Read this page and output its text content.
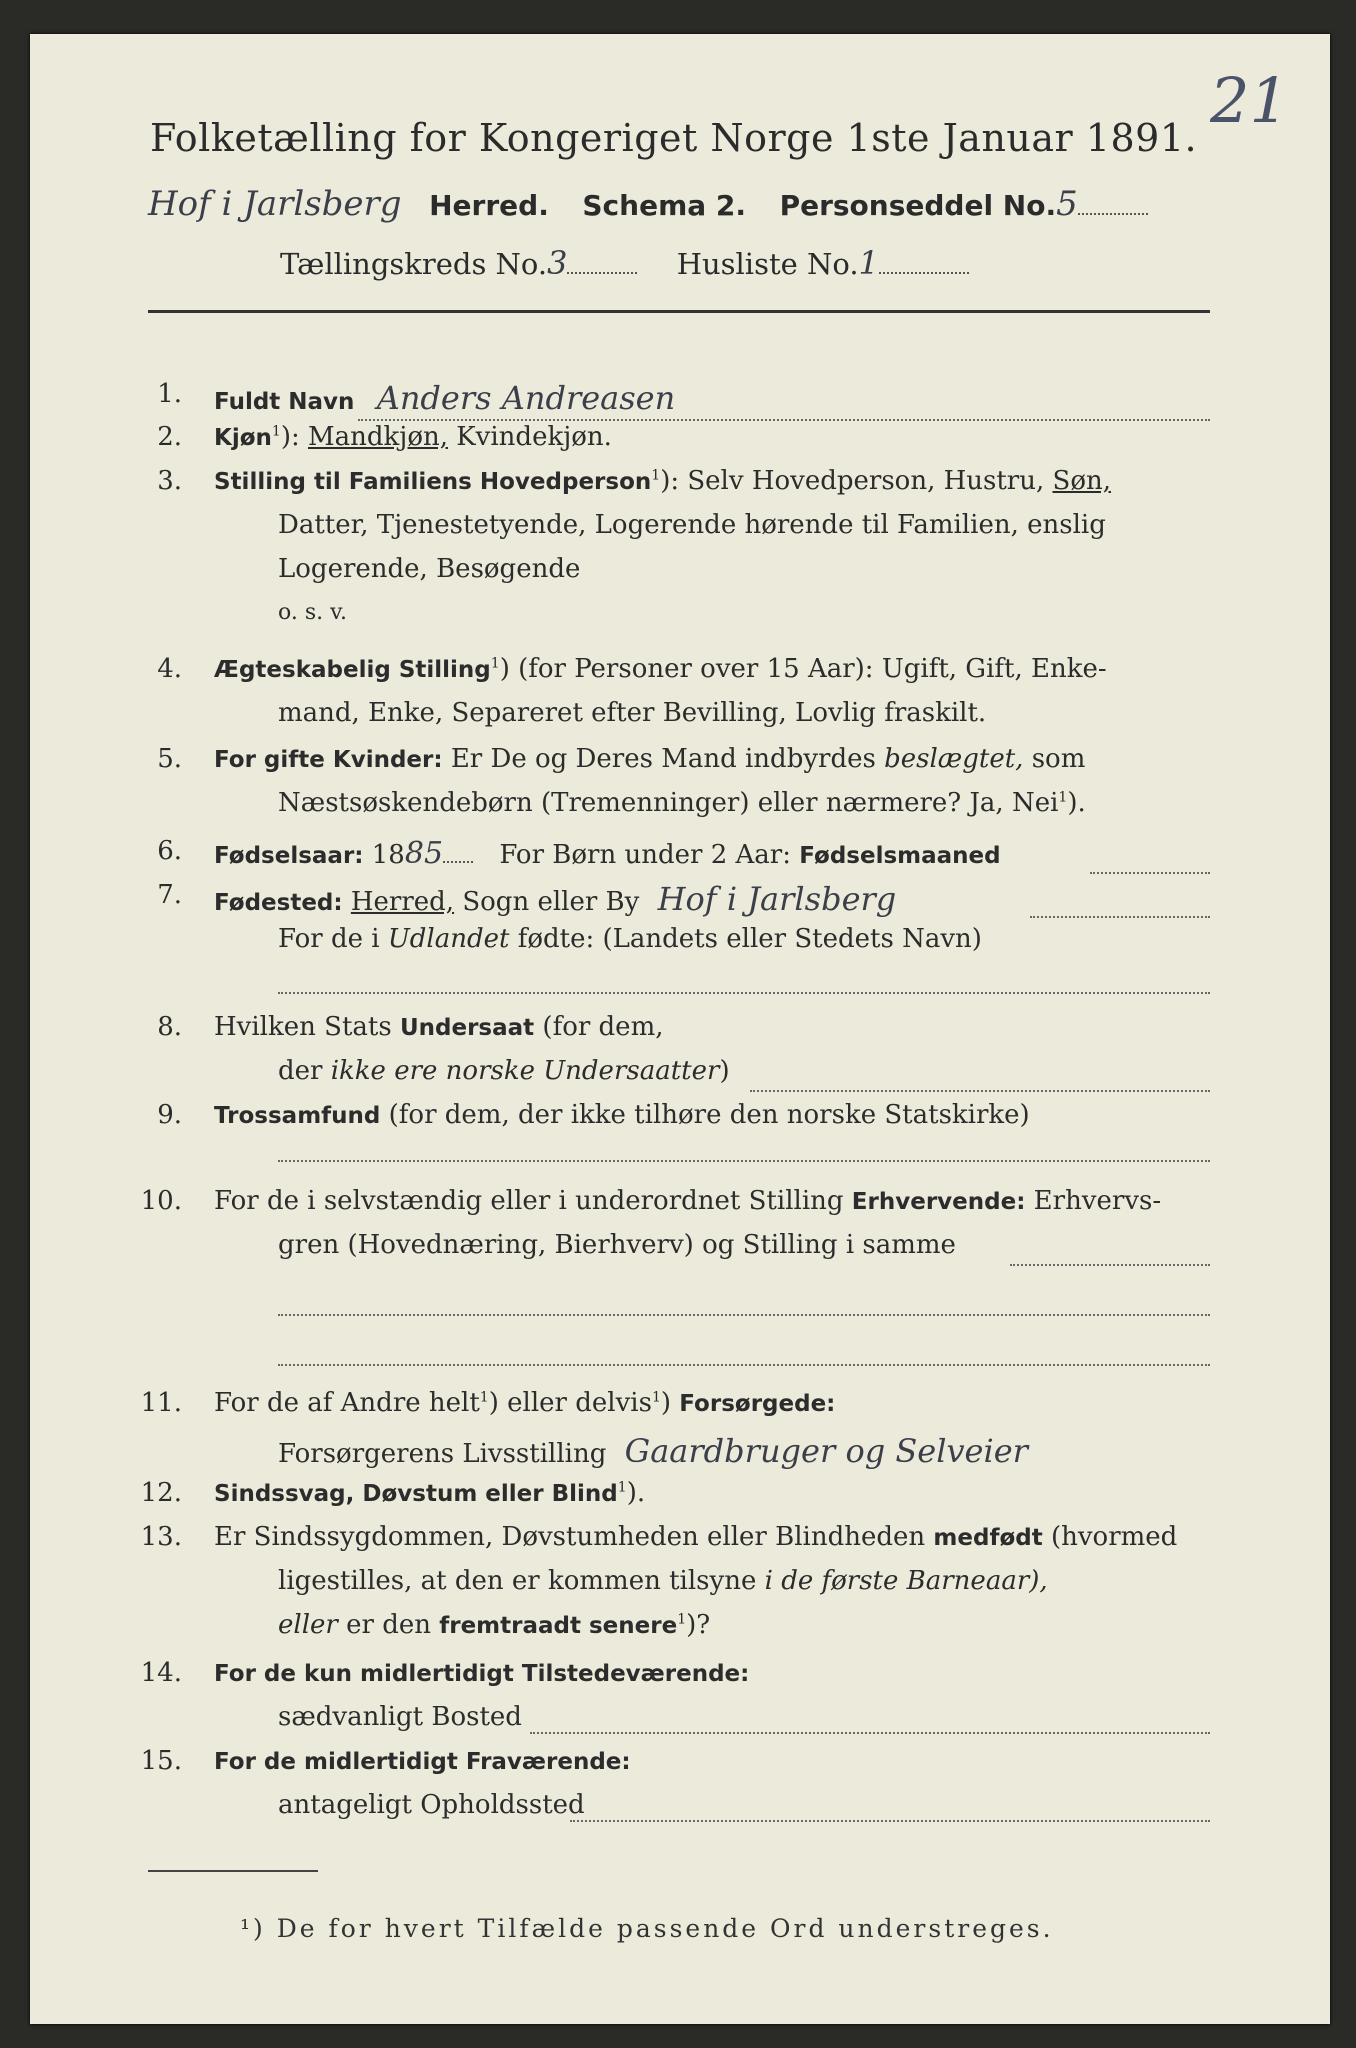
21
Folketælling for Kongeriget Norge 1ste Januar 1891.
Hof i Jarlsberg Herred. Schema 2. Personseddel No.5
Tællingskreds No.3	Husliste No.1
1. Fuldt Navn Anders Andreasen
2. Kjøn$^1$): Mandkjøn, Kvindekjøn.
3. Stilling til Familiens Hovedperson$^1$): Selv Hovedperson, Hustru, Søn,
Datter, Tjenestetyende, Logerende hørende til Familien, enslig
Logerende, Besøgende
o. s. v.
4. Ægteskabelig Stilling$^1$) (for Personer over 15 Aar): Ugift, Gift, Enke-
mand, Enke, Separeret efter Bevilling, Lovlig fraskilt.
5. For gifte Kvinder: Er De og Deres Mand indbyrdes beslægtet, som
Næstsøskendebørn (Tremenninger) eller nærmere? Ja, Nei$^1$).
6. Fødselsaar: 1885 For Børn under 2 Aar: Fødselsmaaned
7. Fødested: Herred, Sogn eller By Hof i Jarlsberg
For de i Udlandet fødte: (Landets eller Stedets Navn)
8. Hvilken Stats Undersaat (for dem,
der ikke ere norske Undersaatter)
9. Trossamfund (for dem, der ikke tilhøre den norske Statskirke)
10. For de i selvstændig eller i underordnet Stilling Erhvervende: Erhvervs-
gren (Hovednæring, Bierhverv) og Stilling i samme
11. For de af Andre helt$^1$) eller delvis$^1$) Forsørgede:
Forsørgerens Livsstilling Gaardbruger og Selveier
12. Sindssvag, Døvstum eller Blind$^1$).
13. Er Sindssygdommen, Døvstumheden eller Blindheden medfødt (hvormed
ligestilles, at den er kommen tilsyne i de første Barneaar),
eller er den fremtraadt senere$^1$)?
14. For de kun midlertidigt Tilstedeværende:
sædvanligt Bosted
15. For de midlertidigt Fraværende:
antageligt Opholdssted
¹) De for hvert Tilfælde passende Ord understreges.
